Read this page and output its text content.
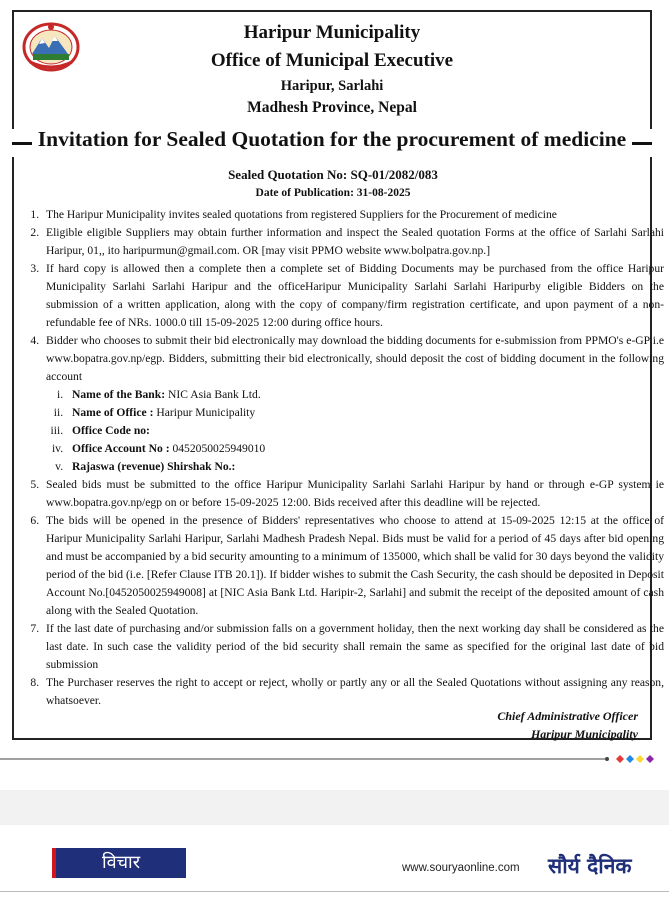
Haripur Municipality
Office of Municipal Executive
Haripur, Sarlahi
Madhesh Province, Nepal
Invitation for Sealed Quotation for the procurement of medicine
Sealed Quotation No: SQ-01/2082/083
Date of Publication: 31-08-2025
1. The Haripur Municipality invites sealed quotations from registered Suppliers for the Procurement of medicine
2. Eligible eligible Suppliers may obtain further information and inspect the Sealed quotation Forms at the office of Sarlahi Sarlahi Haripur, 01,, ito haripurmun@gmail.com. OR [may visit PPMO website www.bolpatra.gov.np.]
3. If hard copy is allowed then a complete then a complete set of Bidding Documents may be purchased from the office Haripur Municipality Sarlahi Sarlahi Haripur and the officeHaripur Municipality Sarlahi Sarlahi Haripurby eligible Bidders on the submission of a written application, along with the copy of company/firm registration certificate, and upon payment of a non-refundable fee of NRs. 1000.0 till 15-09-2025 12:00 during office hours.
4. Bidder who chooses to submit their bid electronically may download the bidding documents for e-submission from PPMO's e-GP i.e www.bopatra.gov.np/egp. Bidders, submitting their bid electronically, should deposit the cost of bidding document in the following account
i. Name of the Bank: NIC Asia Bank Ltd.
ii. Name of Office : Haripur Municipality
iii. Office Code no:
iv. Office Account No : 0452050025949010
v. Rajaswa (revenue) Shirshak No.:
5. Sealed bids must be submitted to the office Haripur Municipality Sarlahi Sarlahi Haripur by hand or through e-GP system ie www.bopatra.gov.np/egp on or before 15-09-2025 12:00. Bids received after this deadline will be rejected.
6. The bids will be opened in the presence of Bidders' representatives who choose to attend at 15-09-2025 12:15 at the office of Haripur Municipality Sarlahi Haripur, Sarlahi Madhesh Pradesh Nepal. Bids must be valid for a period of 45 days after bid opening and must be accompanied by a bid security amounting to a minimum of 135000, which shall be valid for 30 days beyond the validity period of the bid (i.e. [Refer Clause ITB 20.1]). If bidder wishes to submit the Cash Security, the cash should be deposited in Deposit Account No.[0452050025949008] at [NIC Asia Bank Ltd. Haripir-2, Sarlahi] and submit the receipt of the deposited amount of cash along with the Sealed Quotation.
7. If the last date of purchasing and/or submission falls on a government holiday, then the next working day shall be considered as the last date. In such case the validity period of the bid security shall remain the same as specified for the original last date of bid submission
8. The Purchaser reserves the right to accept or reject, wholly or partly any or all the Sealed Quotations without assigning any reason, whatsoever.
Chief Administrative Officer
Haripur Municipality
विचार	www.souryaonline.com सौर्य दैनिक
